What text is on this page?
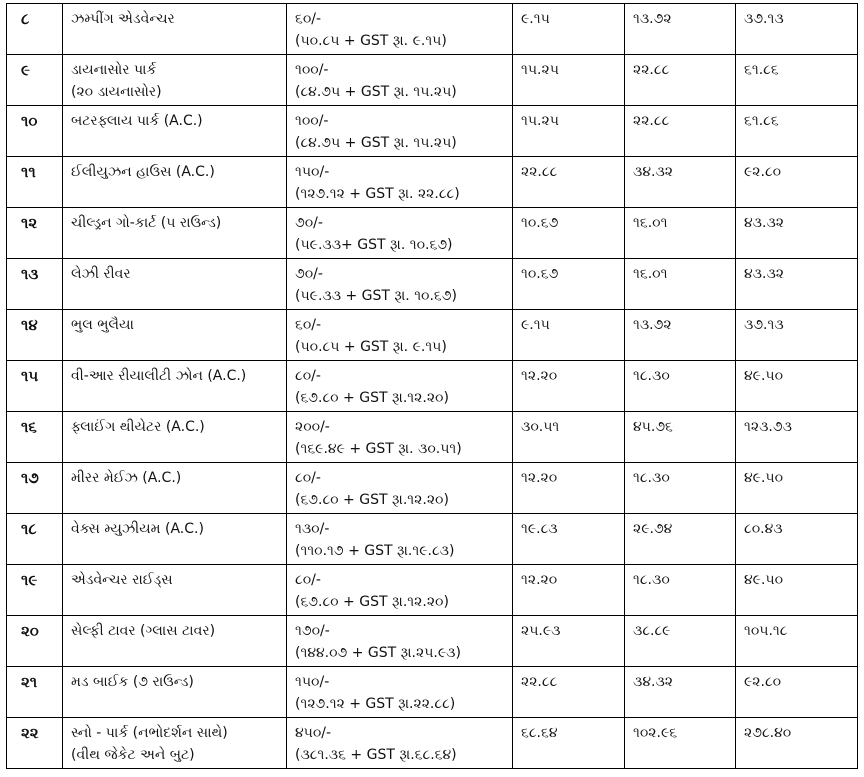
૮	ઝમ્પીંગ એડવેન્ચર	૬૦/-
(૫૦.૮૫ + GST રૂા. ૯.૧૫)	૯.૧૫	૧૩.૭૨	૩૭.૧૩

૯	ડાયનાસોર પાર્ક
(૨૦ ડાયનાસોર)	૧૦૦/-
(૮૪.૭૫ + GST રૂા. ૧૫.૨૫)	૧૫.૨૫	૨૨.૮૮	૬૧.૮૬

૧૦	બટરફ્લાય પાર્ક (A.C.)	૧૦૦/-
(૮૪.૭૫ + GST રૂા. ૧૫.૨૫)	૧૫.૨૫	૨૨.૮૮	૬૧.૮૬

૧૧	ઈલીયુઝન હાઉસ (A.C.)	૧૫૦/-
(૧૨૭.૧૨ + GST રૂા. ૨૨.૮૮)	૨૨.૮૮	૩૪.૩૨	૯૨.૮૦

૧૨	ચીલ્ડ્રન ગો-કાર્ટ (૫ રાઉન્ડ)	૭૦/-
(૫૯.૩૩+ GST રૂા. ૧૦.૬૭)	૧૦.૬૭	૧૬.૦૧	૪૩.૩૨

૧૩	લેઝી રીવર	૭૦/-
(૫૯.૩૩ + GST રૂા. ૧૦.૬૭)	૧૦.૬૭	૧૬.૦૧	૪૩.૩૨

૧૪	ભુલ ભુલૈયા	૬૦/-
(૫૦.૮૫ + GST રૂા. ૯.૧૫)	૯.૧૫	૧૩.૭૨	૩૭.૧૩

૧૫	વી-આર રીયાલીટી ઝોન (A.C.)	૮૦/-
(૬૭.૮૦ + GST રૂા.૧૨.૨૦)	૧૨.૨૦	૧૮.૩૦	૪૯.૫૦

૧૬	ફ્લાઈંગ થીયેટર (A.C.)	૨૦૦/-
(૧૬૯.૪૯ + GST રૂા. ૩૦.૫૧)	૩૦.૫૧	૪૫.૭૬	૧૨૩.૭૩

૧૭	મીરર મેઈઝ (A.C.)	૮૦/-
(૬૭.૮૦ + GST રૂા.૧૨.૨૦)	૧૨.૨૦	૧૮.૩૦	૪૯.૫૦

૧૮	વેક્સ મ્યુઝીયમ (A.C.)	૧૩૦/-
(૧૧૦.૧૭ + GST રૂા.૧૯.૮૩)	૧૯.૮૩	૨૯.૭૪	૮૦.૪૩

૧૯	એડવેન્ચર રાઈડ્સ	૮૦/-
(૬૭.૮૦ + GST રૂા.૧૨.૨૦)	૧૨.૨૦	૧૮.૩૦	૪૯.૫૦

૨૦	સેલ્ફી ટાવર (ગ્લાસ ટાવર)	૧૭૦/-
(૧૪૪.૦૭ + GST રૂા.૨૫.૯૩)	૨૫.૯૩	૩૮.૮૯	૧૦૫.૧૮

૨૧	મડ બાઈક (૭ રાઉન્ડ)	૧૫૦/-
(૧૨૭.૧૨ + GST રૂા.૨૨.૮૮)	૨૨.૮૮	૩૪.૩૨	૯૨.૮૦

૨૨	સ્નો - પાર્ક (નભોદર્શન સાથે)
(વીથ જેકેટ અને બુટ)	૪૫૦/-
(૩૮૧.૩૬ + GST રૂા.૬૮.૬૪)	૬૮.૬૪	૧૦૨.૯૬	૨૭૮.૪૦
